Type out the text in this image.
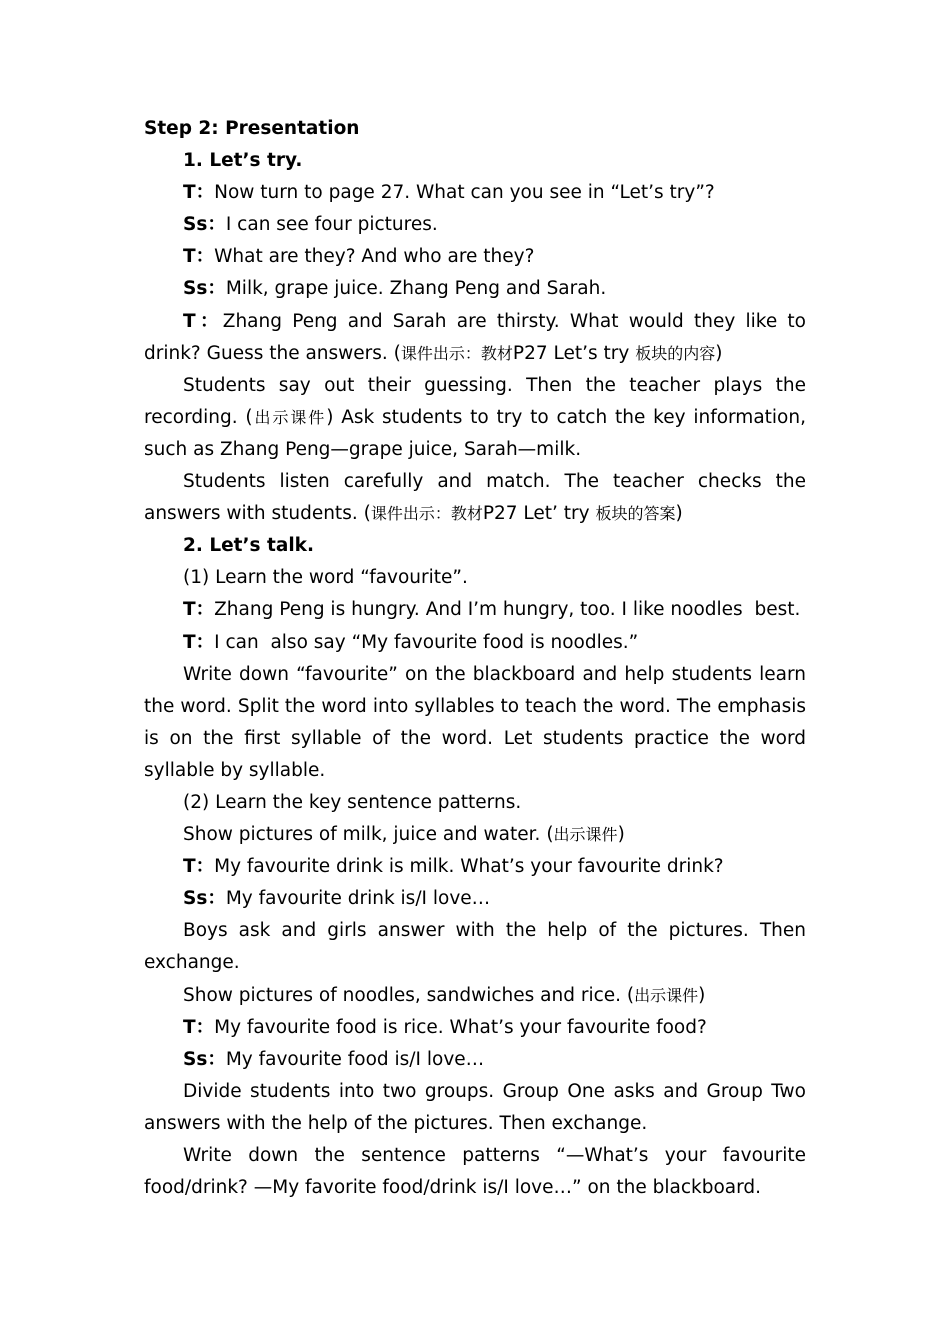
Step 2: Presentation

1. Let’s try.

T：Now turn to page 27. What can you see in “Let’s try”?

Ss：I can see four pictures.

T：What are they? And who are they?

Ss：Milk, grape juice. Zhang Peng and Sarah.

T：Zhang Peng and Sarah are thirsty. What would they like to drink? Guess the answers. (课件出示：教材P27 Let’s try 板块的内容)

Students say out their guessing. Then the teacher plays the recording. (出示课件) Ask students to try to catch the key information, such as Zhang Peng—grape juice, Sarah—milk.

Students listen carefully and match. The teacher checks the answers with students. (课件出示：教材P27 Let’ try 板块的答案)

2. Let’s talk.

(1) Learn the word “favourite”.

T：Zhang Peng is hungry. And I’m hungry, too. I like noodles  best.

T：I can  also say “My favourite food is noodles.”

Write down “favourite” on the blackboard and help students learn the word. Split the word into syllables to teach the word. The emphasis is on the first syllable of the word. Let students practice the word syllable by syllable.

(2) Learn the key sentence patterns.

Show pictures of milk, juice and water. (出示课件)

T：My favourite drink is milk. What’s your favourite drink?

Ss：My favourite drink is/I love…

Boys ask and girls answer with the help of the pictures. Then exchange.

Show pictures of noodles, sandwiches and rice. (出示课件)

T：My favourite food is rice. What’s your favourite food?

Ss：My favourite food is/I love…

Divide students into two groups. Group One asks and Group Two answers with the help of the pictures. Then exchange.

Write down the sentence patterns “—What’s your favourite food/drink? —My favorite food/drink is/I love…” on the blackboard.
